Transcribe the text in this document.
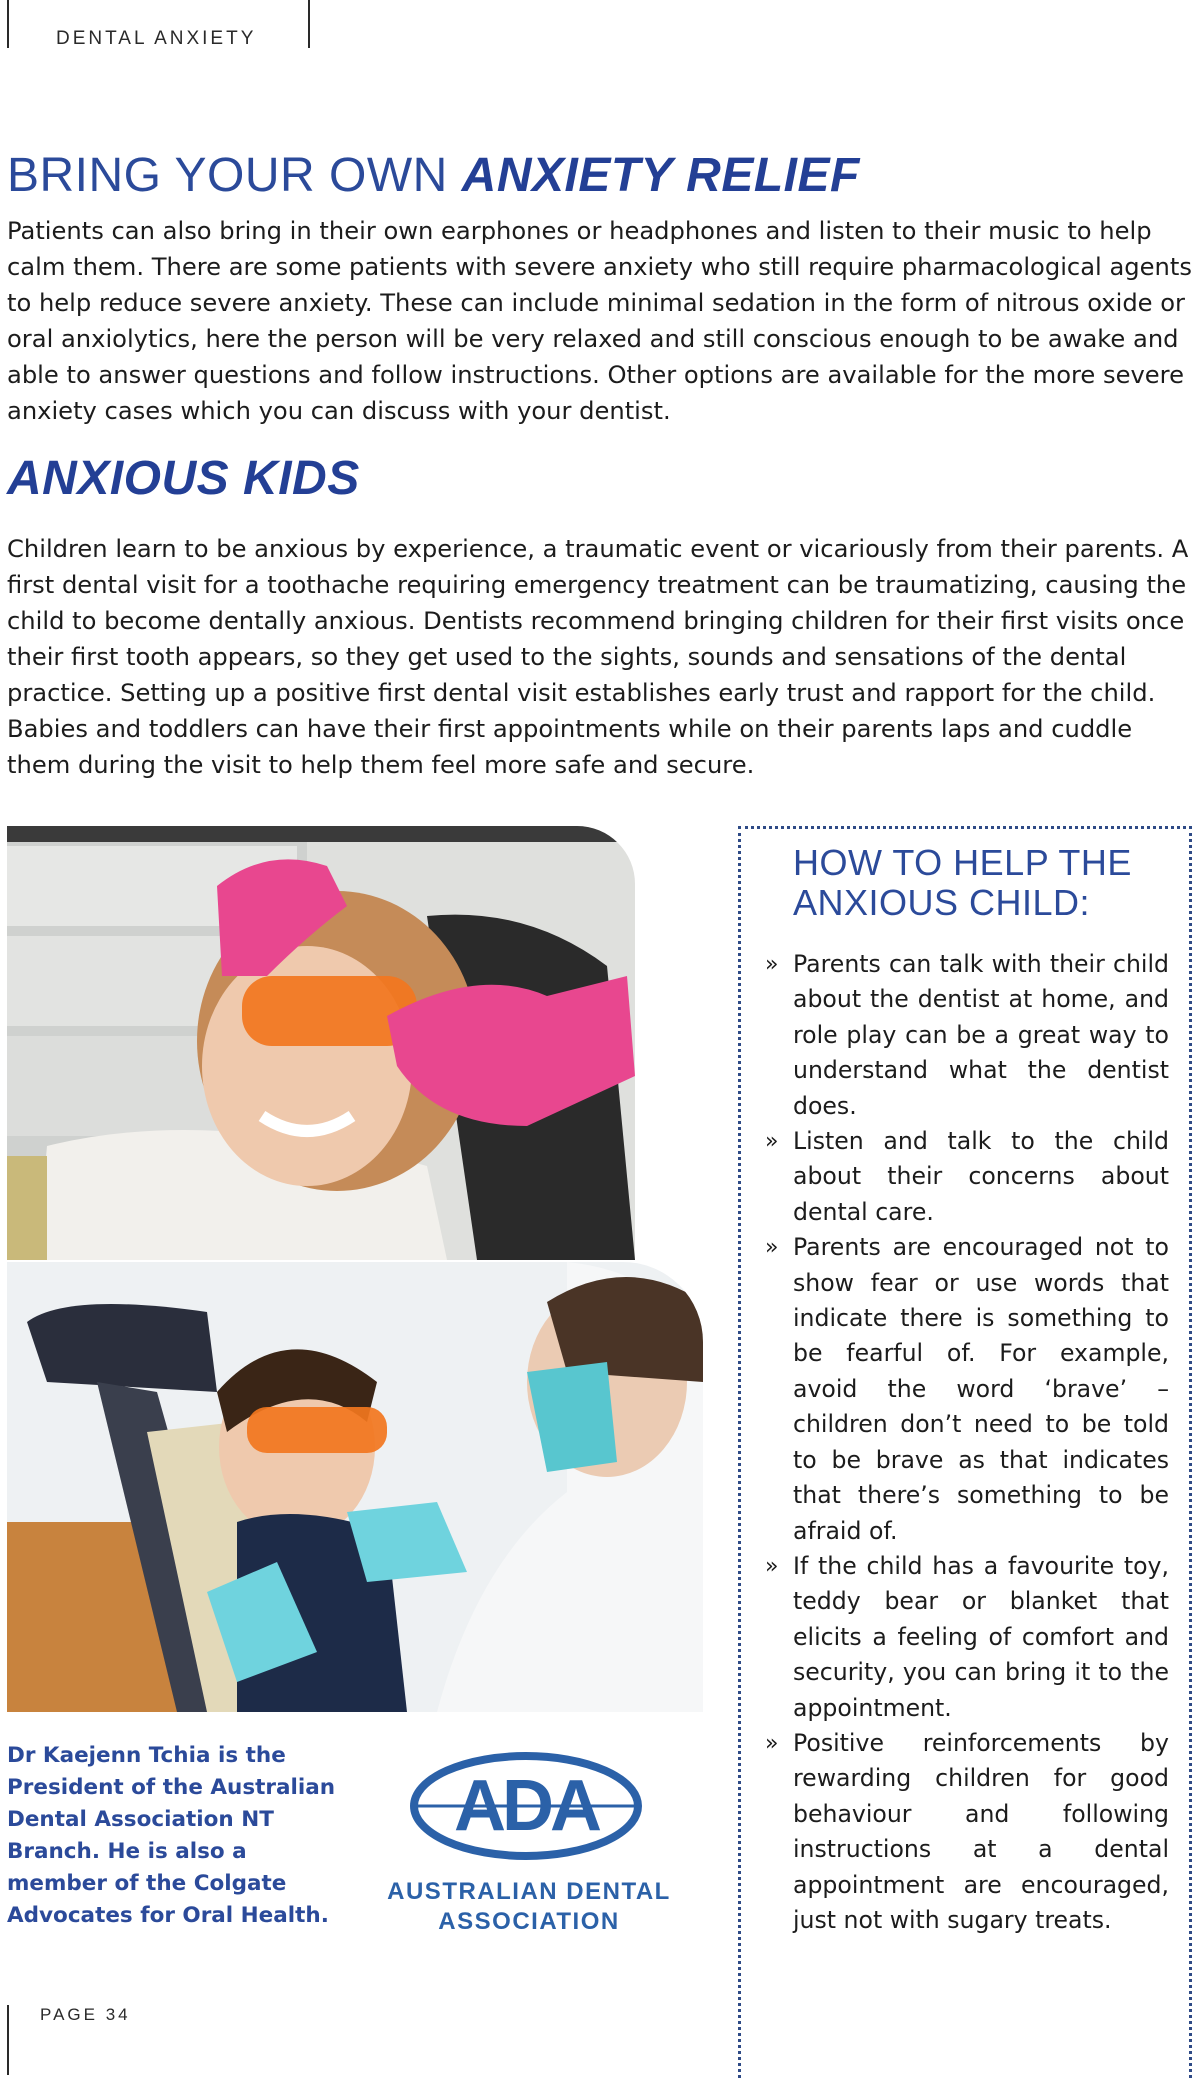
DENTAL ANXIETY
BRING YOUR OWN ANXIETY RELIEF

Patients can also bring in their own earphones or headphones and listen to their music to help calm them. There are some patients with severe anxiety who still require pharmacological agents to help reduce severe anxiety. These can include minimal sedation in the form of nitrous oxide or oral anxiolytics, here the person will be very relaxed and still conscious enough to be awake and able to answer questions and follow instructions. Other options are available for the more severe anxiety cases which you can discuss with your dentist.

ANXIOUS KIDS

Children learn to be anxious by experience, a traumatic event or vicariously from their parents. A first dental visit for a toothache requiring emergency treatment can be traumatizing, causing the child to become dentally anxious. Dentists recommend bringing children for their first visits once their first tooth appears, so they get used to the sights, sounds and sensations of the dental practice. Setting up a positive first dental visit establishes early trust and rapport for the child. Babies and toddlers can have their first appointments while on their parents laps and cuddle them during the visit to help them feel more safe and secure.

Dr Kaejenn Tchia is the President of the Australian Dental Association NT Branch. He is also a member of the Colgate Advocates for Oral Health.

ADA
AUSTRALIAN DENTAL
ASSOCIATION
HOW TO HELP THE
ANXIOUS CHILD:
» Parents can talk with their child about the dentist at home, and role play can be a great way to understand what the dentist does.
» Listen and talk to the child about their concerns about dental care.
» Parents are encouraged not to show fear or use words that indicate there is something to be fearful of. For example, avoid the word ‘brave’ – children don’t need to be told to be brave as that indicates that there’s something to be afraid of.
» If the child has a favourite toy, teddy bear or blanket that elicits a feeling of comfort and security, you can bring it to the appointment.
» Positive reinforcements by rewarding children for good behaviour and following instructions at a dental appointment are encouraged, just not with sugary treats.
PAGE 34
